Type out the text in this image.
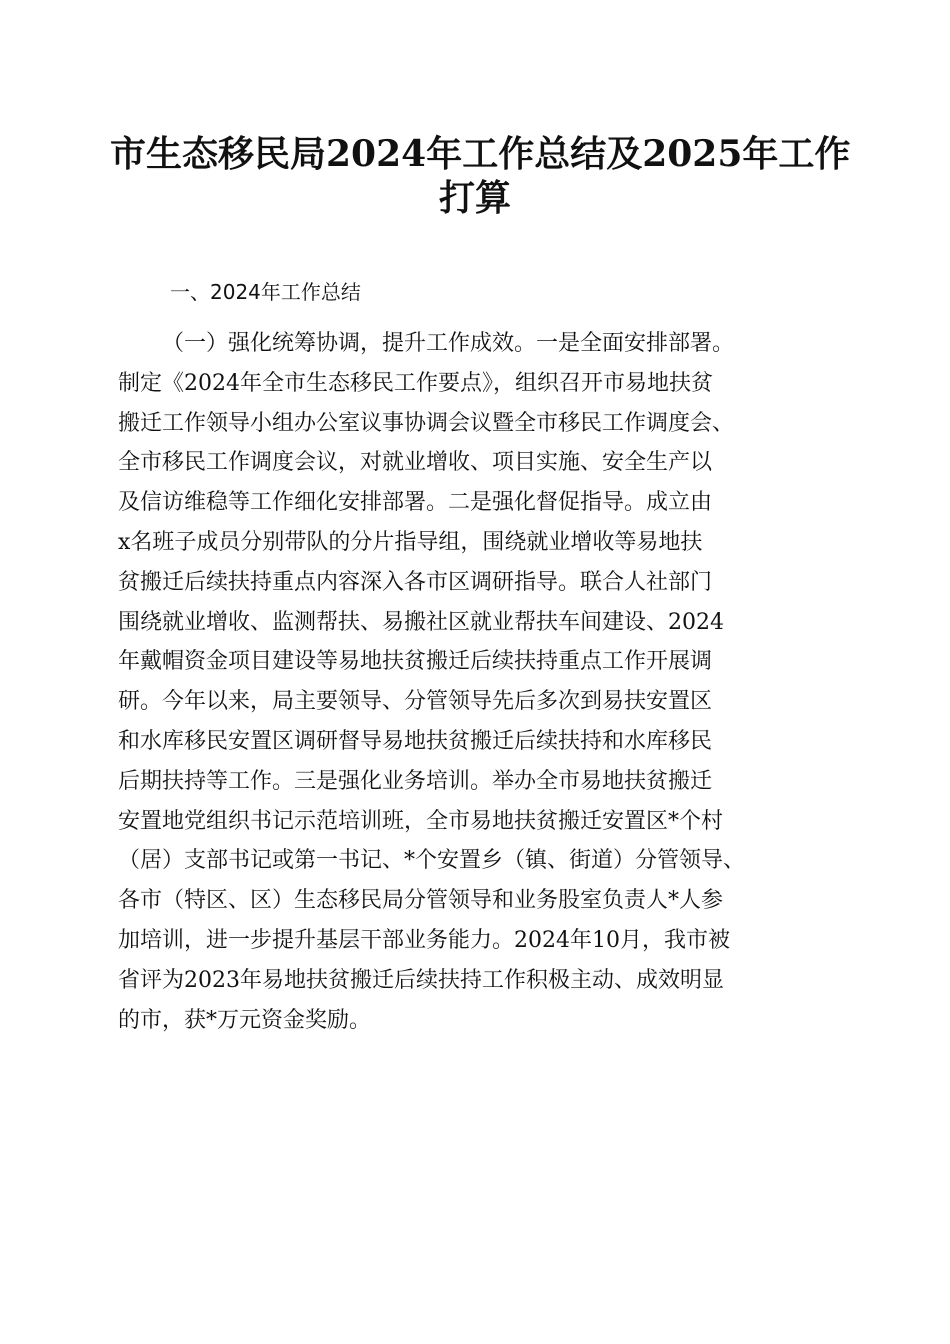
市生态移民局2024年工作总结及2025年工作
打算
一、2024年工作总结
（一）强化统筹协调，提升工作成效。一是全面安排部署。
制定《2024年全市生态移民工作要点》，组织召开市易地扶贫
搬迁工作领导小组办公室议事协调会议暨全市移民工作调度会、
全市移民工作调度会议，对就业增收、项目实施、安全生产以
及信访维稳等工作细化安排部署。二是强化督促指导。成立由
x名班子成员分别带队的分片指导组，围绕就业增收等易地扶
贫搬迁后续扶持重点内容深入各市区调研指导。联合人社部门
围绕就业增收、监测帮扶、易搬社区就业帮扶车间建设、2024
年戴帽资金项目建设等易地扶贫搬迁后续扶持重点工作开展调
研。今年以来，局主要领导、分管领导先后多次到易扶安置区
和水库移民安置区调研督导易地扶贫搬迁后续扶持和水库移民
后期扶持等工作。三是强化业务培训。举办全市易地扶贫搬迁
安置地党组织书记示范培训班，全市易地扶贫搬迁安置区*个村
（居）支部书记或第一书记、*个安置乡（镇、街道）分管领导、
各市（特区、区）生态移民局分管领导和业务股室负责人*人参
加培训，进一步提升基层干部业务能力。2024年10月，我市被
省评为2023年易地扶贫搬迁后续扶持工作积极主动、成效明显
的市，获*万元资金奖励。
